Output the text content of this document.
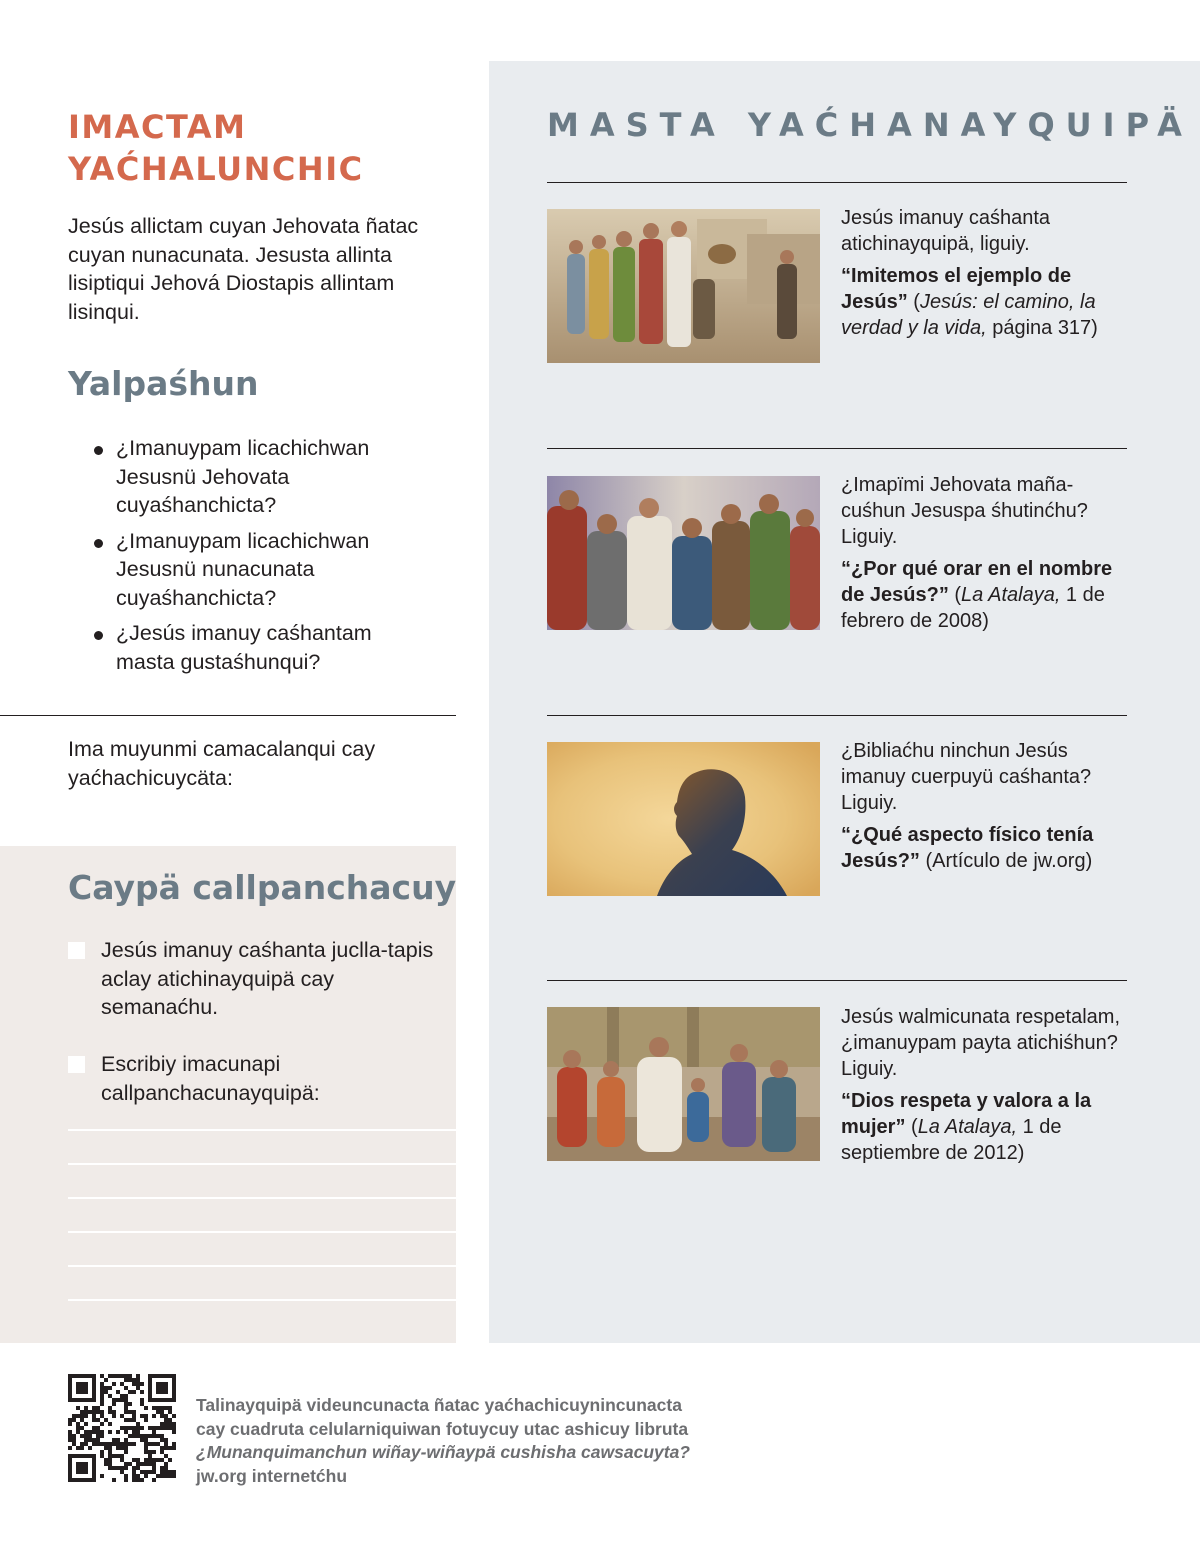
IMACTAM
YAĆHALUNCHIC

Jesús allictam cuyan Jehovata ñatac cuyan nunacunata. Jesusta allinta lisiptiqui Jehová Diostapis allintam lisinqui.

Yalpaśhun
¿Imanuypam licachichwan Jesusnü Jehovata cuyaśhanchicta?
¿Imanuypam licachichwan Jesusnü nunacunata cuyaśhanchicta?
¿Jesús imanuy caśhantam masta gustaśhunqui?

Ima muyunmi camacalanqui cay yaćhachicuycäta:

Caypä callpanchacuy
Jesús imanuy caśhanta juclla-tapis aclay atichinayquipä cay semanaćhu.
Escribiy imacunapi callpanchacunayquipä:
MASTA YAĆHANAYQUIPÄ
Jesús imanuy caśhanta atichinayquipä, liguiy.
“Imitemos el ejemplo de Jesús” (Jesús: el camino, la verdad y la vida, página 317)
¿Imapïmi Jehovata maña-cuśhun Jesuspa śhutinćhu? Liguiy.
“¿Por qué orar en el nombre de Jesús?” (La Atalaya, 1 de febrero de 2008)
¿Bibliaćhu ninchun Jesús imanuy cuerpuyü caśhanta? Liguiy.
“¿Qué aspecto físico tenía Jesús?” (Artículo de jw.org)
Jesús walmicunata respetalam, ¿imanuypam payta atichiśhun? Liguiy.
“Dios respeta y valora a la mujer” (La Atalaya, 1 de septiembre de 2012)
Talinayquipä videuncunacta ñatac yaćhachicuynincunacta
cay cuadruta celularniquiwan fotuycuy utac ashicuy libruta
¿Munanquimanchun wiñay-wiñaypä cushisha cawsacuyta?
jw.org internetćhu
